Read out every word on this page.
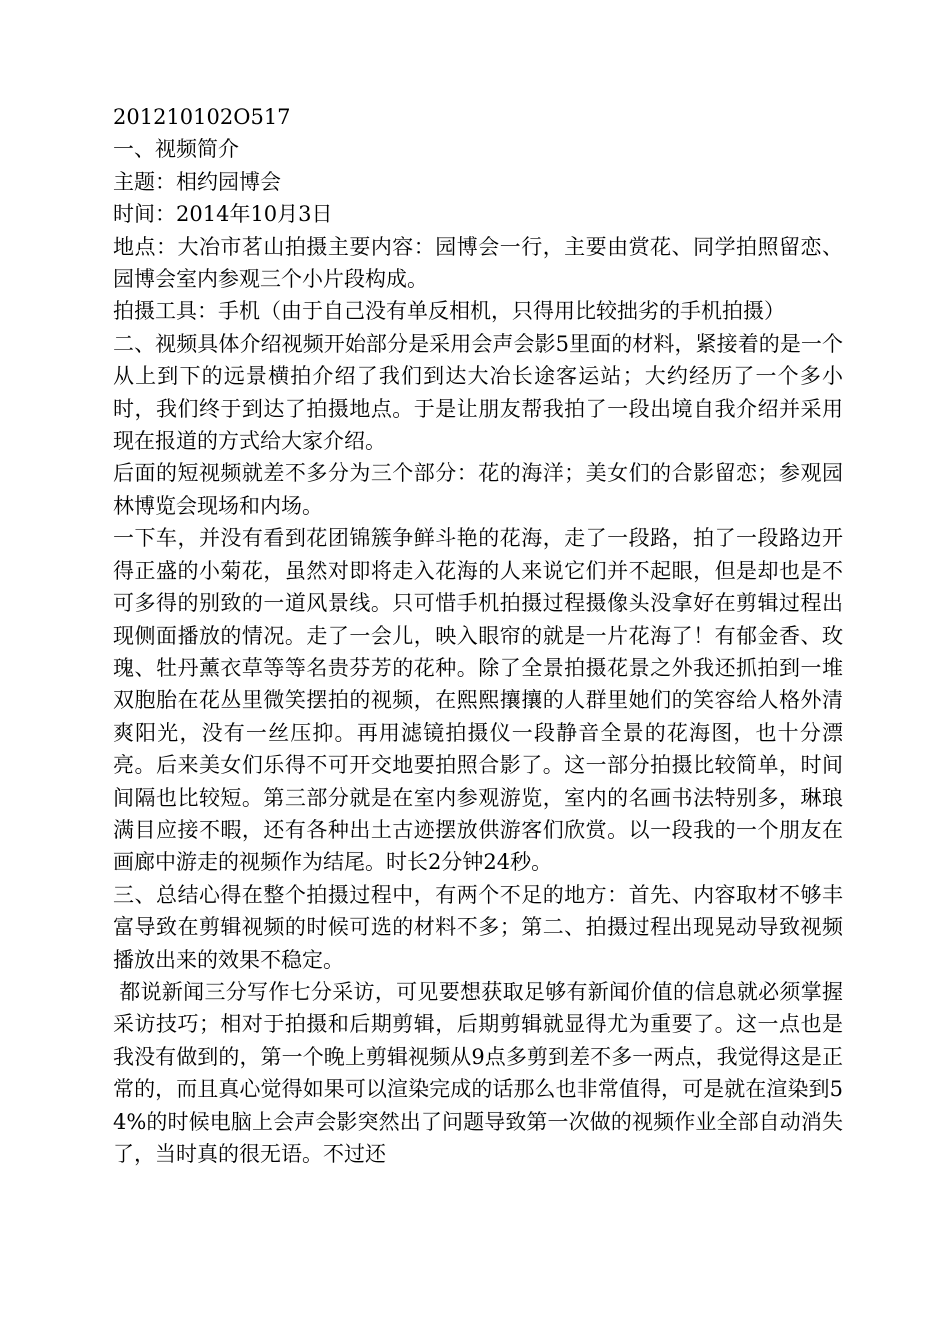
201210102O517

一、视频简介

主题：相约园博会

时间：2014年10月3日

地点：大冶市茗山拍摄主要内容：园博会一行，主要由赏花、同学拍照留恋、园博会室内参观三个小片段构成。

拍摄工具：手机（由于自己没有单反相机，只得用比较拙劣的手机拍摄）

二、视频具体介绍视频开始部分是采用会声会影5里面的材料，紧接着的是一个从上到下的远景横拍介绍了我们到达大冶长途客运站；大约经历了一个多小时，我们终于到达了拍摄地点。于是让朋友帮我拍了一段出境自我介绍并采用现在报道的方式给大家介绍。

后面的短视频就差不多分为三个部分：花的海洋；美女们的合影留恋；参观园林博览会现场和内场。

一下车，并没有看到花团锦簇争鲜斗艳的花海，走了一段路，拍了一段路边开得正盛的小菊花，虽然对即将走入花海的人来说它们并不起眼，但是却也是不可多得的别致的一道风景线。只可惜手机拍摄过程摄像头没拿好在剪辑过程出现侧面播放的情况。走了一会儿，映入眼帘的就是一片花海了！有郁金香、玫瑰、牡丹薰衣草等等名贵芬芳的花种。除了全景拍摄花景之外我还抓拍到一堆双胞胎在花丛里微笑摆拍的视频，在熙熙攘攘的人群里她们的笑容给人格外清爽阳光，没有一丝压抑。再用滤镜拍摄仪一段静音全景的花海图，也十分漂亮。后来美女们乐得不可开交地要拍照合影了。这一部分拍摄比较简单，时间间隔也比较短。第三部分就是在室内参观游览，室内的名画书法特别多，琳琅满目应接不暇，还有各种出土古迹摆放供游客们欣赏。以一段我的一个朋友在画廊中游走的视频作为结尾。时长2分钟24秒。

三、总结心得在整个拍摄过程中，有两个不足的地方：首先、内容取材不够丰富导致在剪辑视频的时候可选的材料不多；第二、拍摄过程出现晃动导致视频播放出来的效果不稳定。

都说新闻三分写作七分采访，可见要想获取足够有新闻价值的信息就必须掌握采访技巧；相对于拍摄和后期剪辑，后期剪辑就显得尤为重要了。这一点也是我没有做到的，第一个晚上剪辑视频从9点多剪到差不多一两点，我觉得这是正常的，而且真心觉得如果可以渲染完成的话那么也非常值得，可是就在渲染到54%的时候电脑上会声会影突然出了问题导致第一次做的视频作业全部自动消失了，当时真的很无语。不过还
